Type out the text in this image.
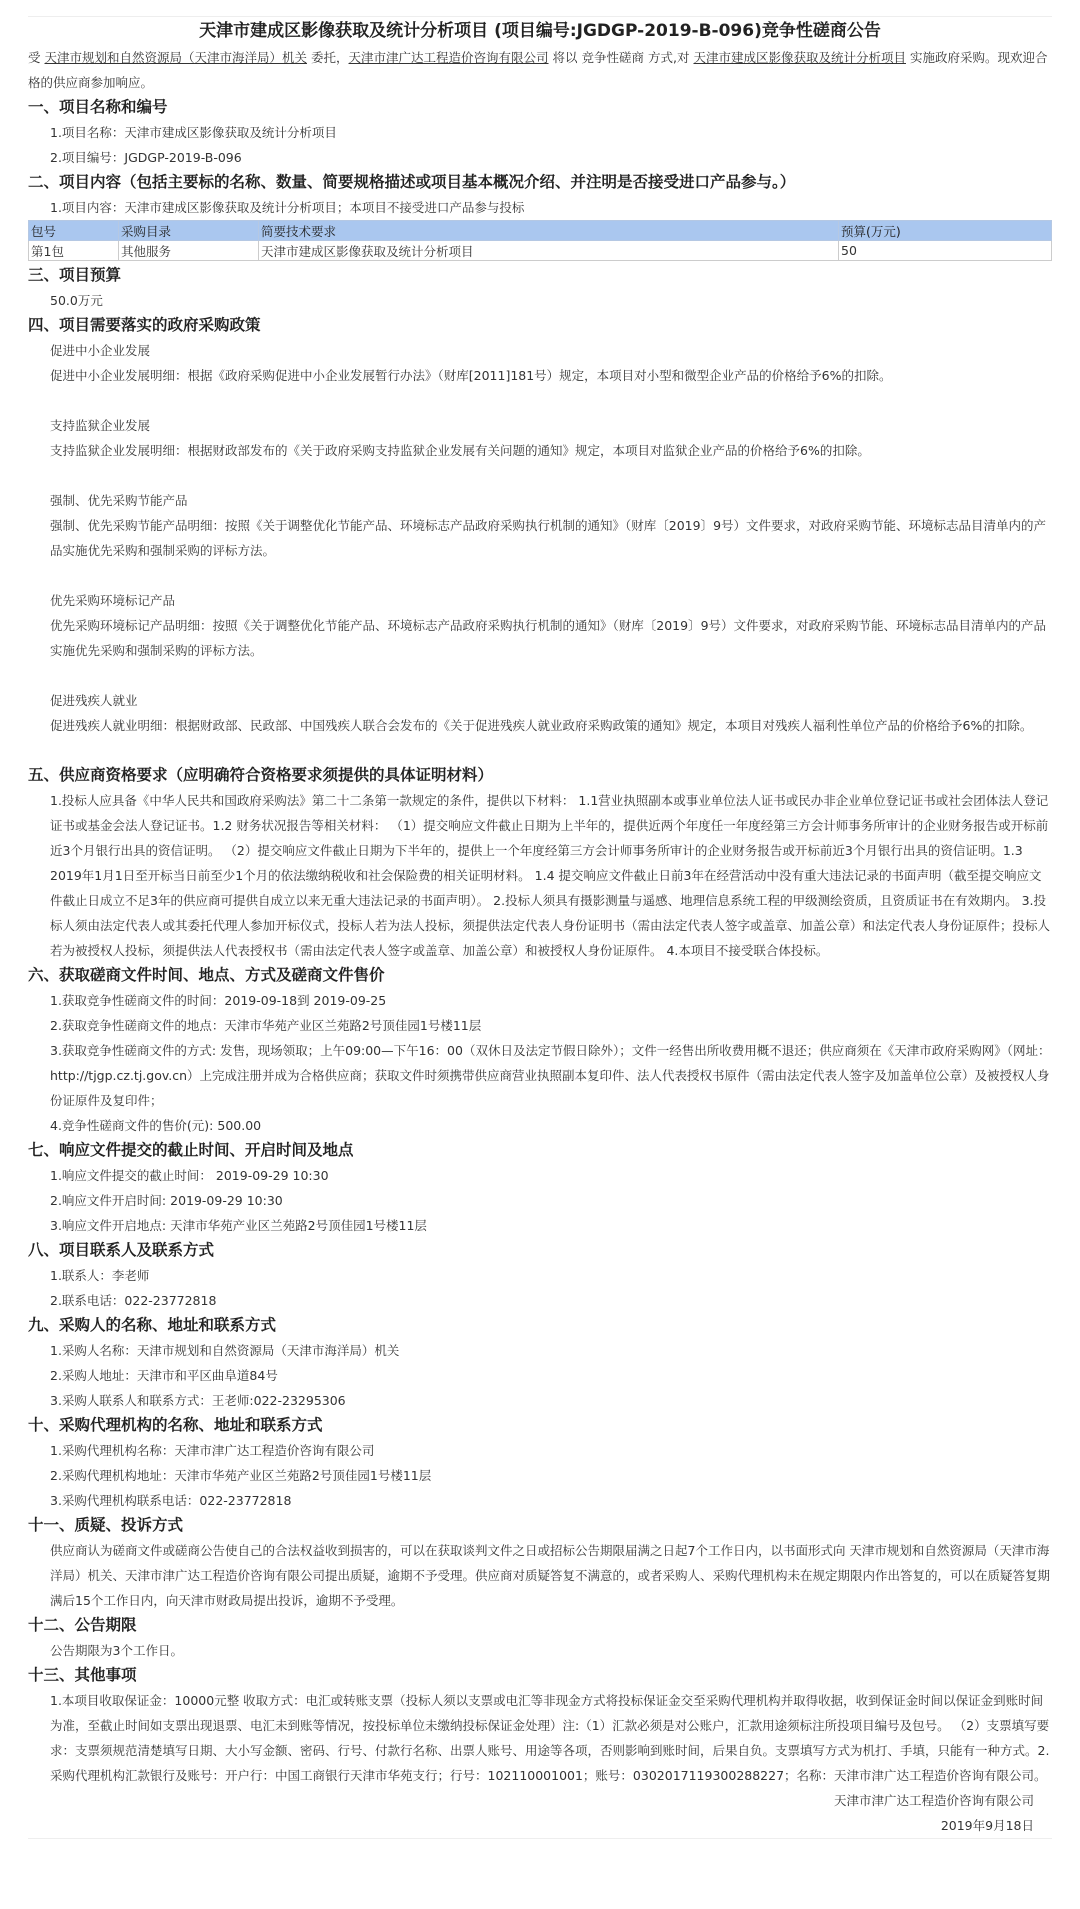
天津市建成区影像获取及统计分析项目 (项目编号:JGDGP-2019-B-096)竞争性磋商公告
受 天津市规划和自然资源局（天津市海洋局）机关 委托，天津市津广达工程造价咨询有限公司 将以 竞争性磋商 方式,对 天津市建成区影像获取及统计分析项目 实施政府采购。现欢迎合格的供应商参加响应。
一、项目名称和编号
1.项目名称：天津市建成区影像获取及统计分析项目
2.项目编号：JGDGP-2019-B-096
二、项目内容（包括主要标的名称、数量、简要规格描述或项目基本概况介绍、并注明是否接受进口产品参与。）
1.项目内容：天津市建成区影像获取及统计分析项目；本项目不接受进口产品参与投标
包号	采购目录	简要技术要求	预算(万元)
第1包	其他服务	天津市建成区影像获取及统计分析项目	50
三、项目预算
50.0万元
四、项目需要落实的政府采购政策
促进中小企业发展
促进中小企业发展明细：根据《政府采购促进中小企业发展暂行办法》（财库[2011]181号）规定，本项目对小型和微型企业产品的价格给予6%的扣除。
支持监狱企业发展
支持监狱企业发展明细：根据财政部发布的《关于政府采购支持监狱企业发展有关问题的通知》规定，本项目对监狱企业产品的价格给予6%的扣除。
强制、优先采购节能产品
强制、优先采购节能产品明细：按照《关于调整优化节能产品、环境标志产品政府采购执行机制的通知》（财库〔2019〕9号）文件要求，对政府采购节能、环境标志品目清单内的产品实施优先采购和强制采购的评标方法。
优先采购环境标记产品
优先采购环境标记产品明细：按照《关于调整优化节能产品、环境标志产品政府采购执行机制的通知》（财库〔2019〕9号）文件要求，对政府采购节能、环境标志品目清单内的产品实施优先采购和强制采购的评标方法。
促进残疾人就业
促进残疾人就业明细：根据财政部、民政部、中国残疾人联合会发布的《关于促进残疾人就业政府采购政策的通知》规定，本项目对残疾人福利性单位产品的价格给予6%的扣除。
五、供应商资格要求（应明确符合资格要求须提供的具体证明材料）
1.投标人应具备《中华人民共和国政府采购法》第二十二条第一款规定的条件，提供以下材料： 1.1营业执照副本或事业单位法人证书或民办非企业单位登记证书或社会团体法人登记证书或基金会法人登记证书。1.2 财务状况报告等相关材料： （1）提交响应文件截止日期为上半年的，提供近两个年度任一年度经第三方会计师事务所审计的企业财务报告或开标前近3个月银行出具的资信证明。 （2）提交响应文件截止日期为下半年的，提供上一个年度经第三方会计师事务所审计的企业财务报告或开标前近3个月银行出具的资信证明。1.3 2019年1月1日至开标当日前至少1个月的依法缴纳税收和社会保险费的相关证明材料。 1.4 提交响应文件截止日前3年在经营活动中没有重大违法记录的书面声明（截至提交响应文件截止日成立不足3年的供应商可提供自成立以来无重大违法记录的书面声明）。 2.投标人须具有摄影测量与遥感、地理信息系统工程的甲级测绘资质，且资质证书在有效期内。 3.投标人须由法定代表人或其委托代理人参加开标仪式，投标人若为法人投标，须提供法定代表人身份证明书（需由法定代表人签字或盖章、加盖公章）和法定代表人身份证原件；投标人若为被授权人投标，须提供法人代表授权书（需由法定代表人签字或盖章、加盖公章）和被授权人身份证原件。 4.本项目不接受联合体投标。
六、获取磋商文件时间、地点、方式及磋商文件售价
1.获取竞争性磋商文件的时间：2019-09-18到 2019-09-25
2.获取竞争性磋商文件的地点：天津市华苑产业区兰苑路2号顶佳园1号楼11层
3.获取竞争性磋商文件的方式: 发售，现场领取；上午09:00—下午16：00（双休日及法定节假日除外）；文件一经售出所收费用概不退还；供应商须在《天津市政府采购网》（网址：http://tjgp.cz.tj.gov.cn）上完成注册并成为合格供应商；获取文件时须携带供应商营业执照副本复印件、法人代表授权书原件（需由法定代表人签字及加盖单位公章）及被授权人身份证原件及复印件；
4.竞争性磋商文件的售价(元): 500.00
七、响应文件提交的截止时间、开启时间及地点
1.响应文件提交的截止时间： 2019-09-29 10:30
2.响应文件开启时间: 2019-09-29 10:30
3.响应文件开启地点: 天津市华苑产业区兰苑路2号顶佳园1号楼11层
八、项目联系人及联系方式
1.联系人：李老师
2.联系电话：022-23772818
九、采购人的名称、地址和联系方式
1.采购人名称：天津市规划和自然资源局（天津市海洋局）机关
2.采购人地址：天津市和平区曲阜道84号
3.采购人联系人和联系方式：王老师:022-23295306
十、采购代理机构的名称、地址和联系方式
1.采购代理机构名称：天津市津广达工程造价咨询有限公司
2.采购代理机构地址：天津市华苑产业区兰苑路2号顶佳园1号楼11层
3.采购代理机构联系电话：022-23772818
十一、质疑、投诉方式
供应商认为磋商文件或磋商公告使自己的合法权益收到损害的，可以在获取谈判文件之日或招标公告期限届满之日起7个工作日内，以书面形式向 天津市规划和自然资源局（天津市海洋局）机关、天津市津广达工程造价咨询有限公司提出质疑，逾期不予受理。供应商对质疑答复不满意的，或者采购人、采购代理机构未在规定期限内作出答复的，可以在质疑答复期满后15个工作日内，向天津市财政局提出投诉，逾期不予受理。
十二、公告期限
公告期限为3个工作日。
十三、其他事项
1.本项目收取保证金：10000元整 收取方式：电汇或转账支票（投标人须以支票或电汇等非现金方式将投标保证金交至采购代理机构并取得收据，收到保证金时间以保证金到账时间为准，至截止时间如支票出现退票、电汇未到账等情况，按投标单位未缴纳投标保证金处理）注:（1）汇款必须是对公账户，汇款用途须标注所投项目编号及包号。 （2）支票填写要求：支票须规范清楚填写日期、大小写金额、密码、行号、付款行名称、出票人账号、用途等各项，否则影响到账时间，后果自负。支票填写方式为机打、手填，只能有一种方式。2.采购代理机构汇款银行及账号：开户行：中国工商银行天津市华苑支行；行号：102110001001；账号：0302017119300288227；名称：天津市津广达工程造价咨询有限公司。
天津市津广达工程造价咨询有限公司
2019年9月18日
